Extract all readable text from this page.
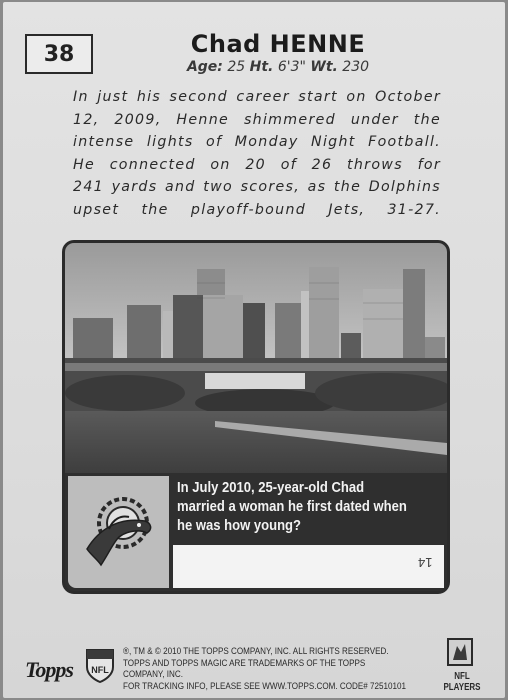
38	Chad HENNE
Age: 25 Ht. 6'3" Wt. 230
In just his second career start on October
12, 2009, Henne shimmered under the
intense lights of Monday Night Football.
He connected on 20 of 26 throws for
241 yards and two scores, as the Dolphins
upset the playoff-bound Jets, 31-27.
In July 2010, 25-year-old Chad married a woman he first dated when he was how young?
14
Topps NFL
®, TM & © 2010 THE TOPPS COMPANY, INC. ALL RIGHTS RESERVED.
TOPPS AND TOPPS MAGIC ARE TRADEMARKS OF THE TOPPS COMPANY, INC.
FOR TRACKING INFO, PLEASE SEE WWW.TOPPS.COM. CODE# 72510101
NFL PLAYERS
